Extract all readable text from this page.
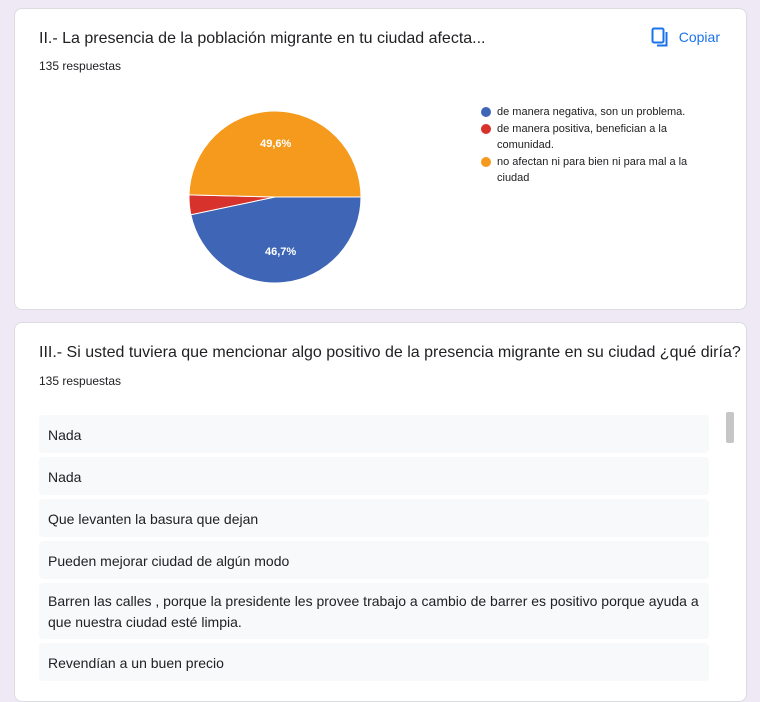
II.- La presencia de la población migrante en tu ciudad afecta...
135 respuestas
Copiar
46,7%
49,6%
de manera negativa, son un problema.
de manera positiva, benefician a la comunidad.
no afectan ni para bien ni para mal a la ciudad
III.- Si usted tuviera que mencionar algo positivo de la presencia migrante en su ciudad ¿qué diría?
135 respuestas
Nada
Nada
Que levanten la basura que dejan
Pueden mejorar ciudad de algún modo
Barren las calles , porque la presidente les provee trabajo a cambio de barrer es positivo porque ayuda a que nuestra ciudad esté limpia.
Revendían a un buen precio
